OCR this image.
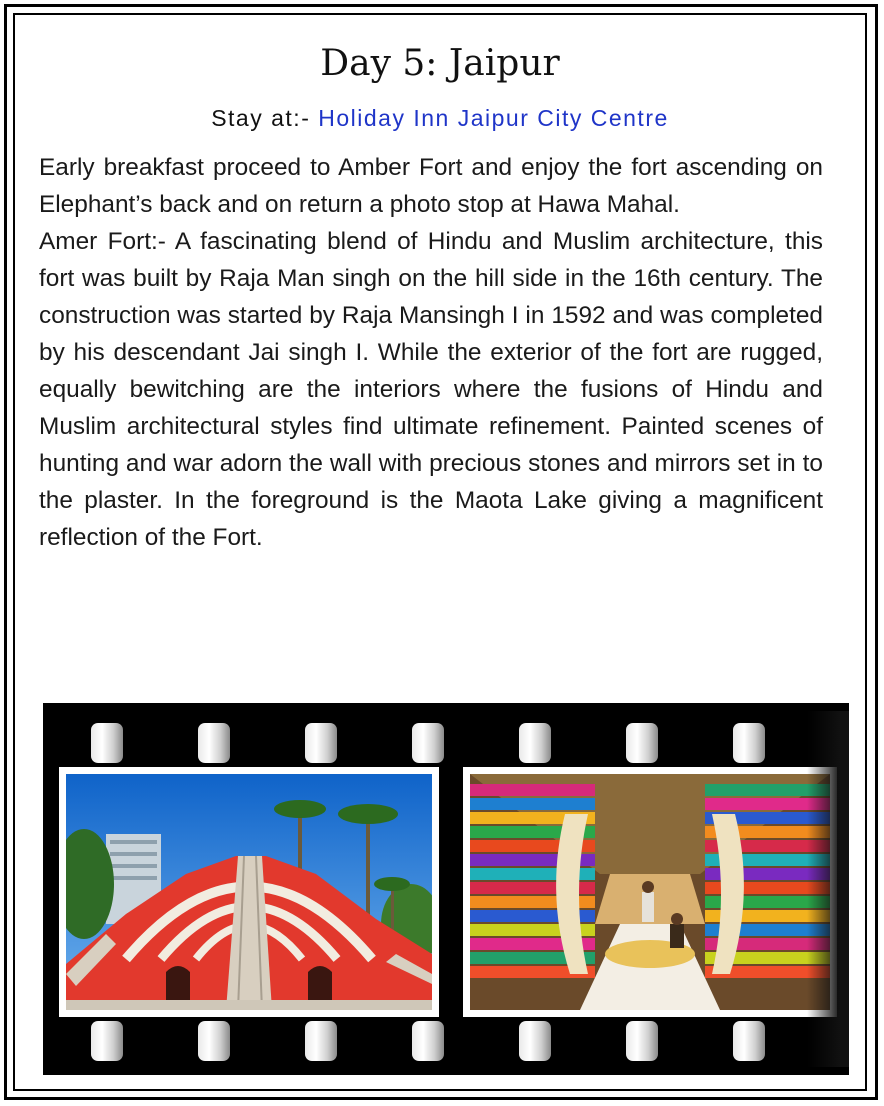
Day 5: Jaipur
Stay at:- Holiday Inn Jaipur City Centre

Early breakfast proceed to Amber Fort and enjoy the fort ascending on Elephant’s back and on return a photo stop at Hawa Mahal.

Amer Fort:- A fascinating blend of Hindu and Muslim architecture, this fort was built by Raja Man singh on the hill side in the 16th century. The construction was started by Raja Mansingh I in 1592 and was completed by his descendant Jai singh I. While the exterior of the fort are rugged, equally bewitching are the interiors where the fusions of Hindu and Muslim architectural styles find ultimate refinement. Painted scenes of hunting and war adorn the wall with precious stones and mirrors set in to the plaster. In the foreground is the Maota Lake giving a magnificent reflection of the Fort.
